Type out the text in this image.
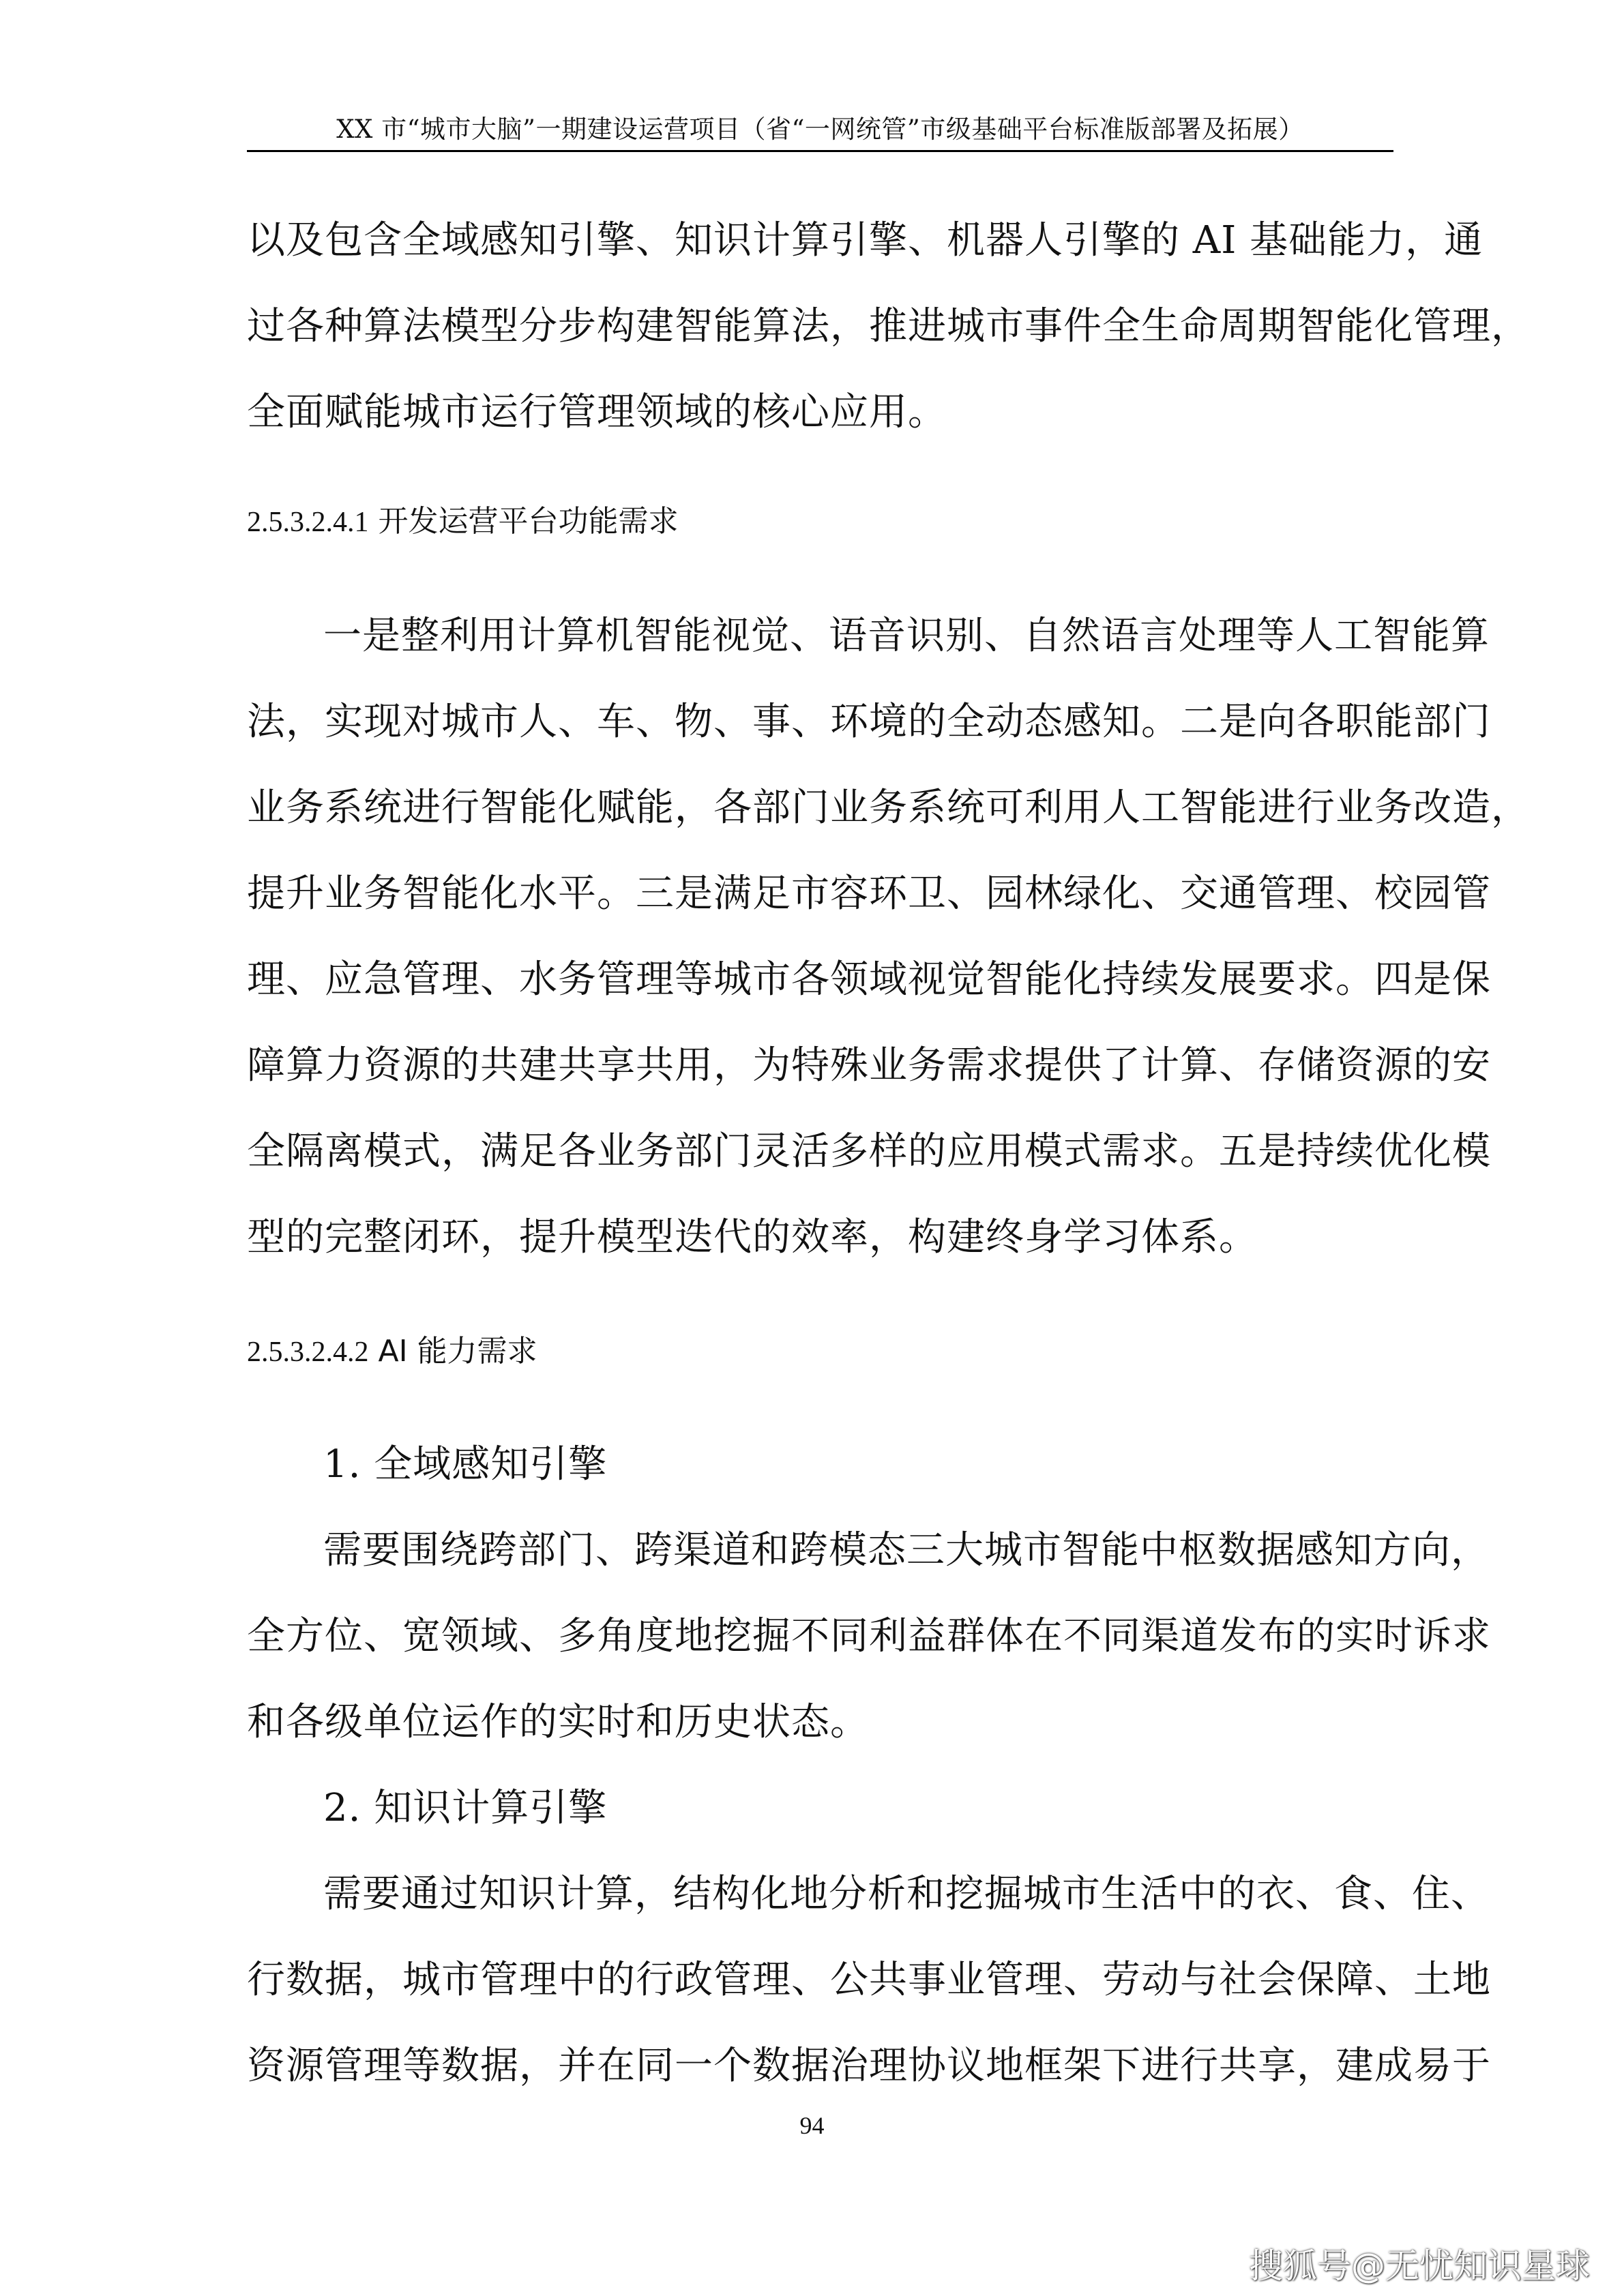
XX 市“城市大脑”一期建设运营项目（省“一网统管”市级基础平台标准版部署及拓展）
以及包含全域感知引擎、知识计算引擎、机器人引擎的 AI 基础能力，通
过各种算法模型分步构建智能算法，推进城市事件全生命周期智能化管理，
全面赋能城市运行管理领域的核心应用。
2.5.3.2.4.1 开发运营平台功能需求
一是整利用计算机智能视觉、语音识别、自然语言处理等人工智能算
法，实现对城市人、车、物、事、环境的全动态感知。二是向各职能部门
业务系统进行智能化赋能，各部门业务系统可利用人工智能进行业务改造，
提升业务智能化水平。三是满足市容环卫、园林绿化、交通管理、校园管
理、应急管理、水务管理等城市各领域视觉智能化持续发展要求。四是保
障算力资源的共建共享共用，为特殊业务需求提供了计算、存储资源的安
全隔离模式，满足各业务部门灵活多样的应用模式需求。五是持续优化模
型的完整闭环，提升模型迭代的效率，构建终身学习体系。
2.5.3.2.4.2 AI 能力需求
1. 全域感知引擎
需要围绕跨部门、跨渠道和跨模态三大城市智能中枢数据感知方向，
全方位、宽领域、多角度地挖掘不同利益群体在不同渠道发布的实时诉求
和各级单位运作的实时和历史状态。
2. 知识计算引擎
需要通过知识计算，结构化地分析和挖掘城市生活中的衣、食、住、
行数据，城市管理中的行政管理、公共事业管理、劳动与社会保障、土地
资源管理等数据，并在同一个数据治理协议地框架下进行共享，建成易于
94
搜狐号@无忧知识星球
